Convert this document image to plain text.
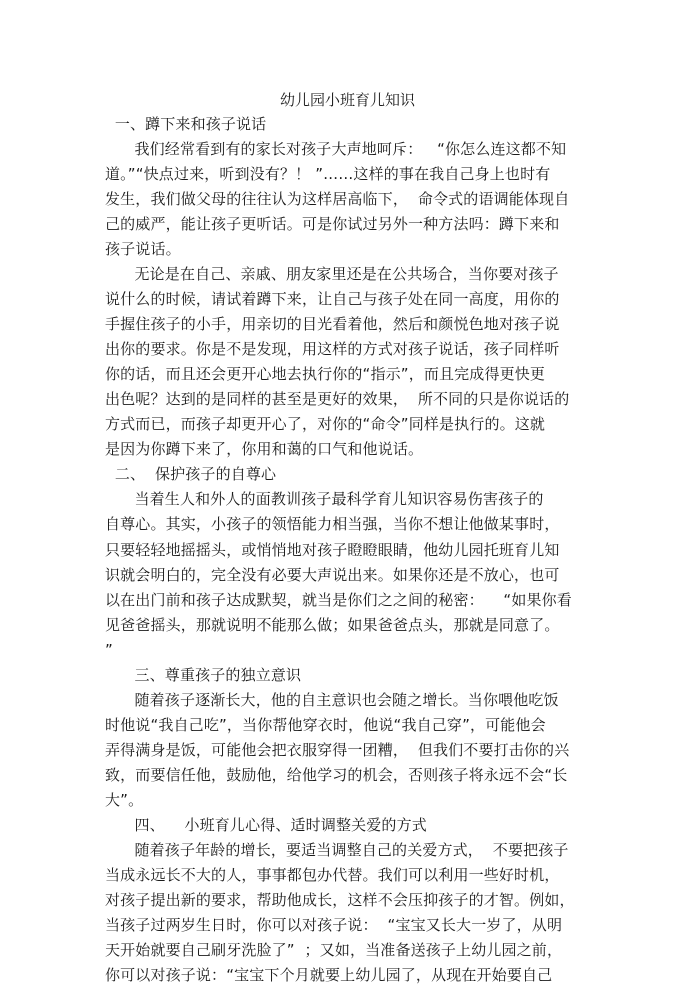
幼儿园小班育儿知识
一、蹲下来和孩子说话
我们经常看到有的家长对孩子大声地呵斥：   “你怎么连这都不知
道。”“快点过来，听到没有？！ ”……这样的事在我自己身上也时有
发生，我们做父母的往往认为这样居高临下，  命令式的语调能体现自
己的威严，能让孩子更听话。可是你试过另外一种方法吗：蹲下来和
孩子说话。
无论是在自己、亲戚、朋友家里还是在公共场合，当你要对孩子
说什么的时候，请试着蹲下来，让自己与孩子处在同一高度，用你的
手握住孩子的小手，用亲切的目光看着他，然后和颜悦色地对孩子说
出你的要求。你是不是发现，用这样的方式对孩子说话，孩子同样听
你的话，而且还会更开心地去执行你的“指示”，而且完成得更快更
出色呢？达到的是同样的甚至是更好的效果，  所不同的只是你说话的
方式而已，而孩子却更开心了，对你的“命令”同样是执行的。这就
是因为你蹲下来了，你用和蔼的口气和他说话。
二、  保护孩子的自尊心
当着生人和外人的面教训孩子最科学育儿知识容易伤害孩子的
自尊心。其实，小孩子的领悟能力相当强，当你不想让他做某事时，
只要轻轻地摇摇头，或悄悄地对孩子瞪瞪眼睛，他幼儿园托班育儿知
识就会明白的，完全没有必要大声说出来。如果你还是不放心，也可
以在出门前和孩子达成默契，就当是你们之之间的秘密：    “如果你看
见爸爸摇头，那就说明不能那么做；如果爸爸点头，那就是同意了。
”
三、尊重孩子的独立意识
随着孩子逐渐长大，他的自主意识也会随之增长。当你喂他吃饭
时他说“我自己吃”，当你帮他穿衣时，他说“我自己穿”，可能他会
弄得满身是饭，可能他会把衣服穿得一团糟，  但我们不要打击你的兴
致，而要信任他，鼓励他，给他学习的机会，否则孩子将永远不会“长
大”。
四、    小班育儿心得、适时调整关爱的方式
随着孩子年龄的增长，要适当调整自己的关爱方式，  不要把孩子
当成永远长不大的人，事事都包办代替。我们可以利用一些好时机，
对孩子提出新的要求，帮助他成长，这样不会压抑孩子的才智。例如，
当孩子过两岁生日时，你可以对孩子说：  “宝宝又长大一岁了，从明
天开始就要自己刷牙洗脸了”  ；又如，当准备送孩子上幼儿园之前，
你可以对孩子说：“宝宝下个月就要上幼儿园了，从现在开始要自己
